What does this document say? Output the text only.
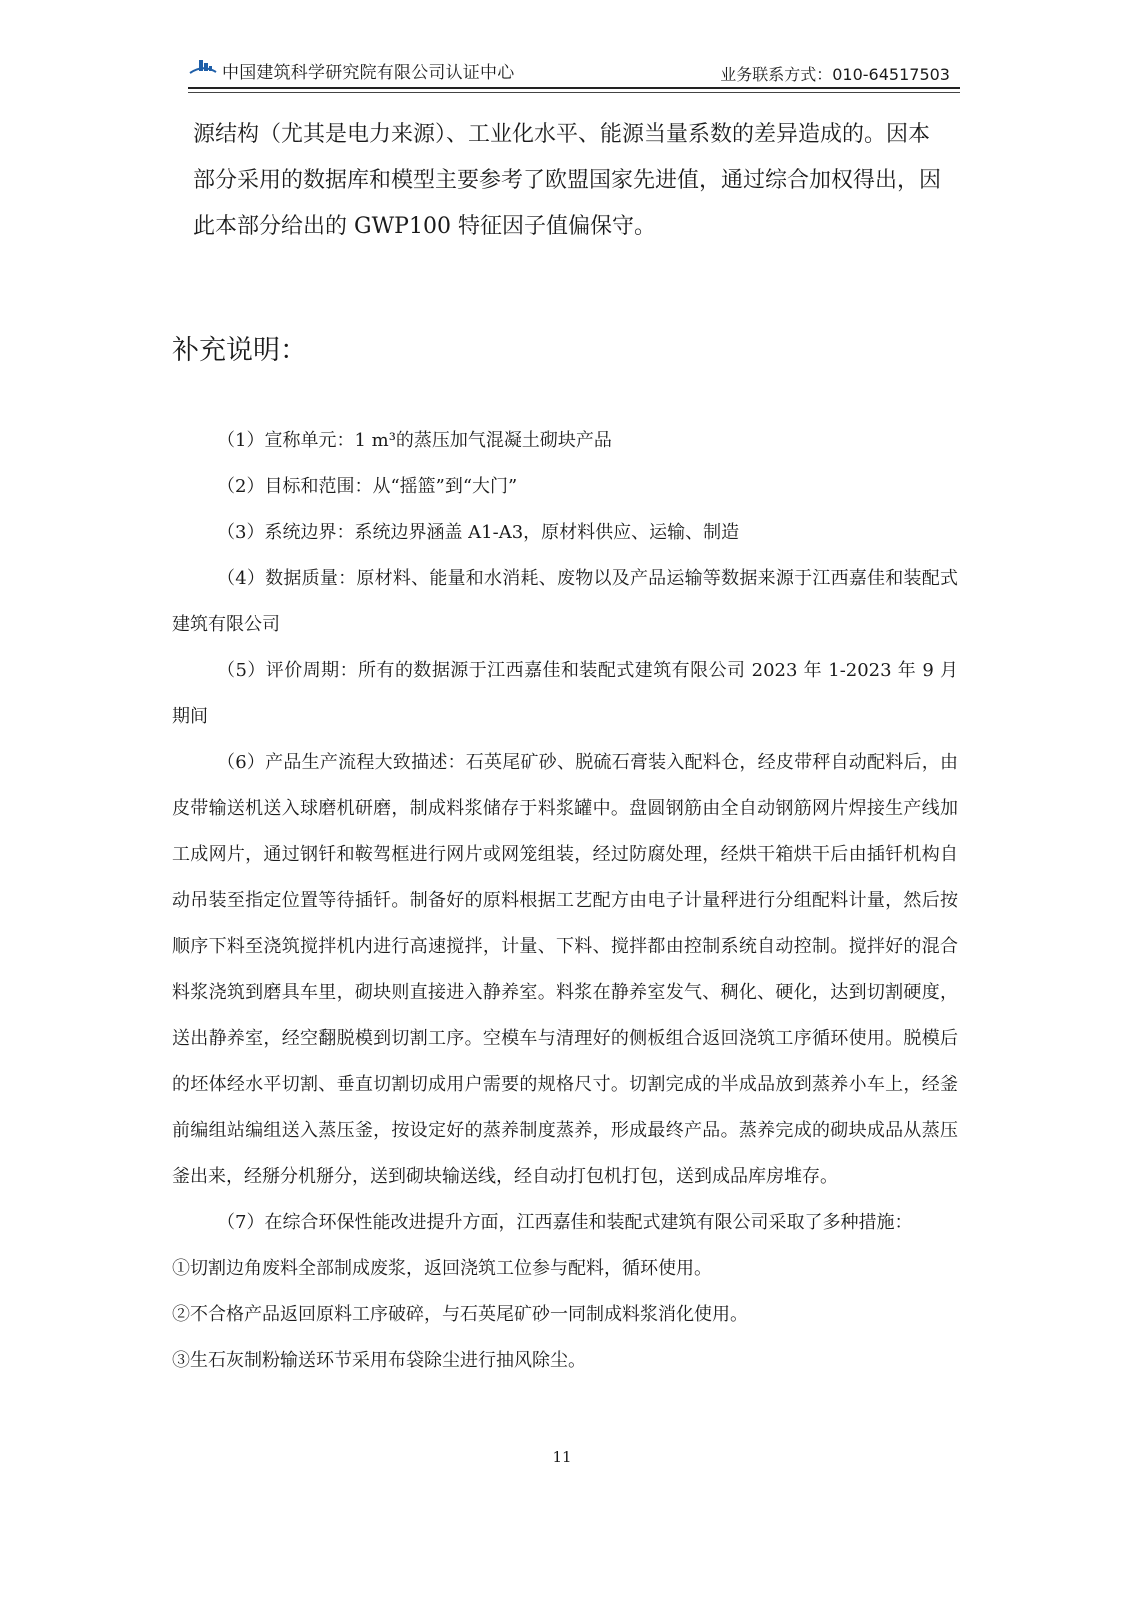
中国建筑科学研究院有限公司认证中心	业务联系方式：010-64517503
源结构（尤其是电力来源）、工业化水平、能源当量系数的差异造成的。因本
部分采用的数据库和模型主要参考了欧盟国家先进值，通过综合加权得出，因
此本部分给出的 GWP100 特征因子值偏保守。
补充说明：

（1）宣称单元：1 m³的蒸压加气混凝土砌块产品

（2）目标和范围：从“摇篮”到“大门”

（3）系统边界：系统边界涵盖 A1-A3，原材料供应、运输、制造

（4）数据质量：原材料、能量和水消耗、废物以及产品运输等数据来源于江西嘉佳和装配式建筑有限公司

（5）评价周期：所有的数据源于江西嘉佳和装配式建筑有限公司 2023 年 1-2023 年 9 月期间

（6）产品生产流程大致描述：石英尾矿砂、脱硫石膏装入配料仓，经皮带秤自动配料后，由皮带输送机送入球磨机研磨，制成料浆储存于料浆罐中。盘圆钢筋由全自动钢筋网片焊接生产线加工成网片，通过钢钎和鞍驾框进行网片或网笼组装，经过防腐处理，经烘干箱烘干后由插钎机构自动吊装至指定位置等待插钎。制备好的原料根据工艺配方由电子计量秤进行分组配料计量，然后按顺序下料至浇筑搅拌机内进行高速搅拌，计量、下料、搅拌都由控制系统自动控制。搅拌好的混合料浆浇筑到磨具车里，砌块则直接进入静养室。料浆在静养室发气、稠化、硬化，达到切割硬度，送出静养室，经空翻脱模到切割工序。空模车与清理好的侧板组合返回浇筑工序循环使用。脱模后的坯体经水平切割、垂直切割切成用户需要的规格尺寸。切割完成的半成品放到蒸养小车上，经釜前编组站编组送入蒸压釜，按设定好的蒸养制度蒸养，形成最终产品。蒸养完成的砌块成品从蒸压釜出来，经掰分机掰分，送到砌块输送线，经自动打包机打包，送到成品库房堆存。

（7）在综合环保性能改进提升方面，江西嘉佳和装配式建筑有限公司采取了多种措施：

①切割边角废料全部制成废浆，返回浇筑工位参与配料，循环使用。

②不合格产品返回原料工序破碎，与石英尾矿砂一同制成料浆消化使用。

③生石灰制粉输送环节采用布袋除尘进行抽风除尘。

11
